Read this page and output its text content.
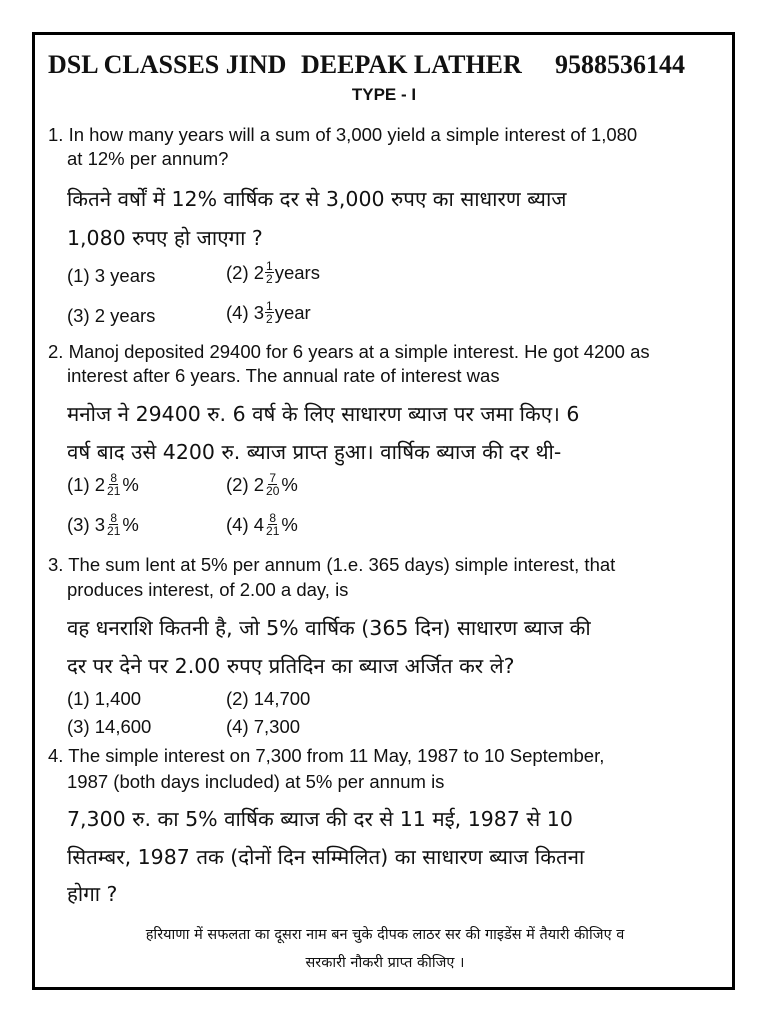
DSL CLASSES JIND DEEPAK LATHER 9588536144
TYPE - I
1. In how many years will a sum of 3,000 yield a simple interest of 1,080
at 12% per annum?
कितने वर्षों में 12% वार्षिक दर से 3,000 रुपए का साधारण ब्याज
1,080 रुपए हो जाएगा ?
(1) 3 years	(2) $2 \frac{1}{2}$ years
(3) 2 years	(4) $3 \frac{1}{2}$ year
2. Manoj deposited 29400 for 6 years at a simple interest. He got 4200 as
interest after 6 years. The annual rate of interest was
मनोज ने 29400 रु. 6 वर्ष के लिए साधारण ब्याज पर जमा किए। 6
वर्ष बाद उसे 4200 रु. ब्याज प्राप्त हुआ। वार्षिक ब्याज की दर थी-
(1) $2 \frac{8}{21}$ %	(2) $2 \frac{7}{20}$ %
(3) $3 \frac{8}{21}$ %	(4) $4 \frac{8}{21}$ %
3. The sum lent at 5% per annum (1.e. 365 days) simple interest, that
produces interest, of 2.00 a day, is
वह धनराशि कितनी है, जो 5% वार्षिक (365 दिन) साधारण ब्याज की
दर पर देने पर 2.00 रुपए प्रतिदिन का ब्याज अर्जित कर ले?
(1) 1,400	(2) 14,700
(3) 14,600	(4) 7,300
4. The simple interest on 7,300 from 11 May, 1987 to 10 September,
1987 (both days included) at 5% per annum is
7,300 रु. का 5% वार्षिक ब्याज की दर से 11 मई, 1987 से 10
सितम्बर, 1987 तक (दोनों दिन सम्मिलित) का साधारण ब्याज कितना
होगा ?
हरियाणा में सफलता का दूसरा नाम बन चुके दीपक लाठर सर की गाइडेंस में तैयारी कीजिए व
सरकारी नौकरी प्राप्त कीजिए ।
